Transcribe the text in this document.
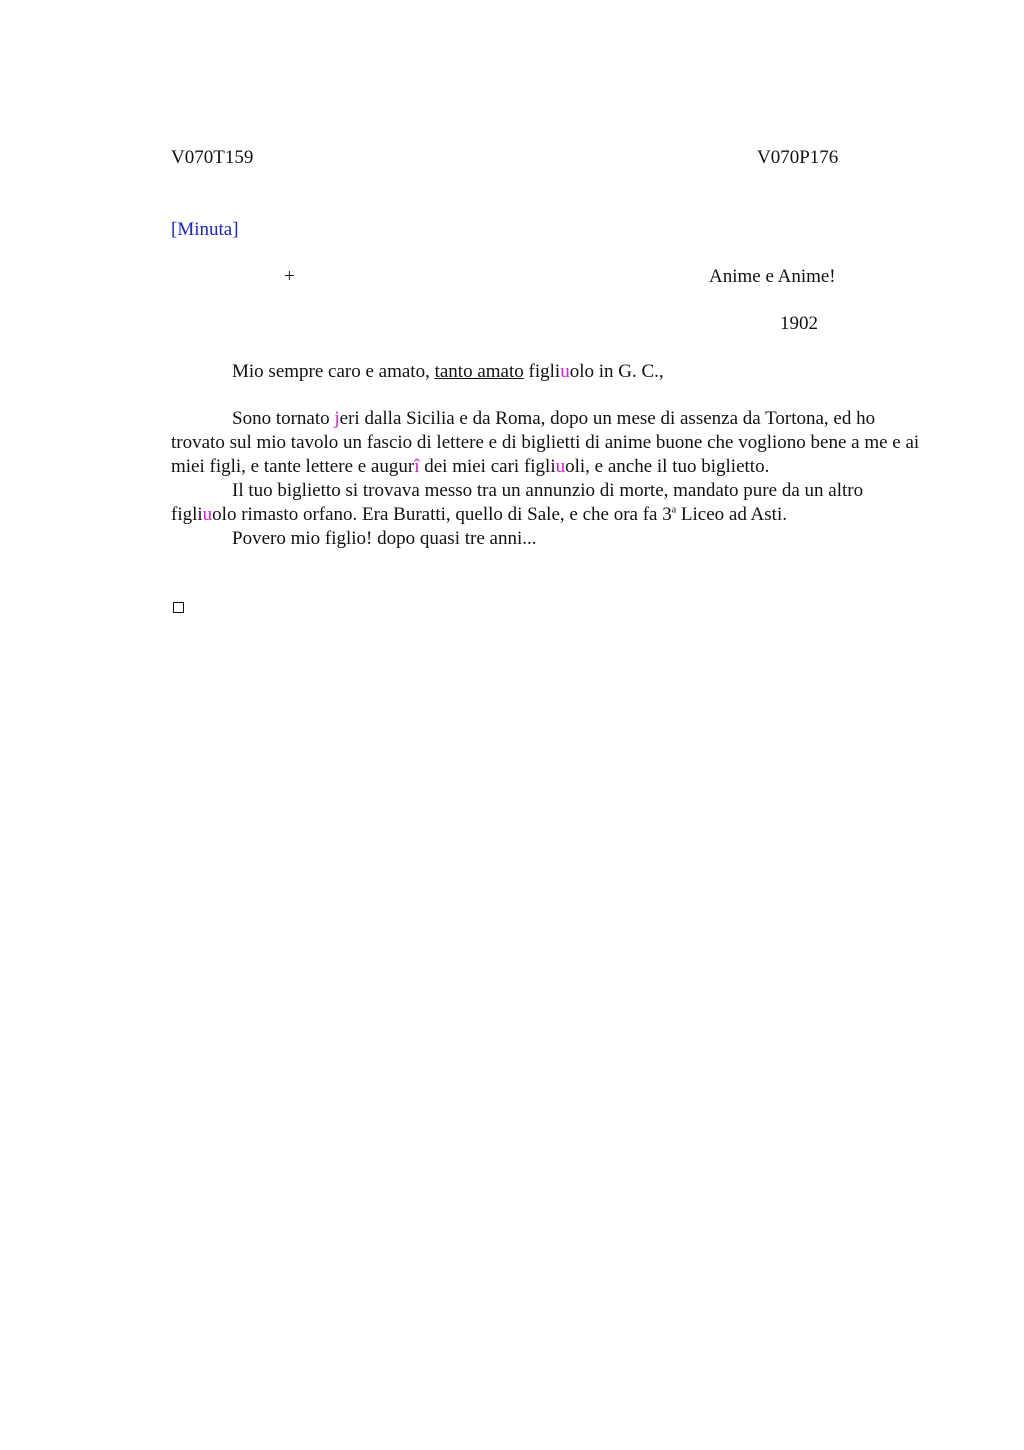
V070T159	V070P176
[Minuta]
+	Anime e Anime!
1902
Mio sempre caro e amato, tanto amato figliuolo in G. C.,

Sono tornato jeri dalla Sicilia e da Roma, dopo un mese di assenza da Tortona, ed ho trovato sul mio tavolo un fascio di lettere e di biglietti di anime buone che vogliono bene a me e ai miei figli, e tante lettere e augurî dei miei cari figliuoli, e anche il tuo biglietto.

Il tuo biglietto si trovava messo tra un annunzio di morte, mandato pure da un altro figliuolo rimasto orfano. Era Buratti, quello di Sale, e che ora fa 3$^a$ Liceo ad Asti.

Povero mio figlio! dopo quasi tre anni...
